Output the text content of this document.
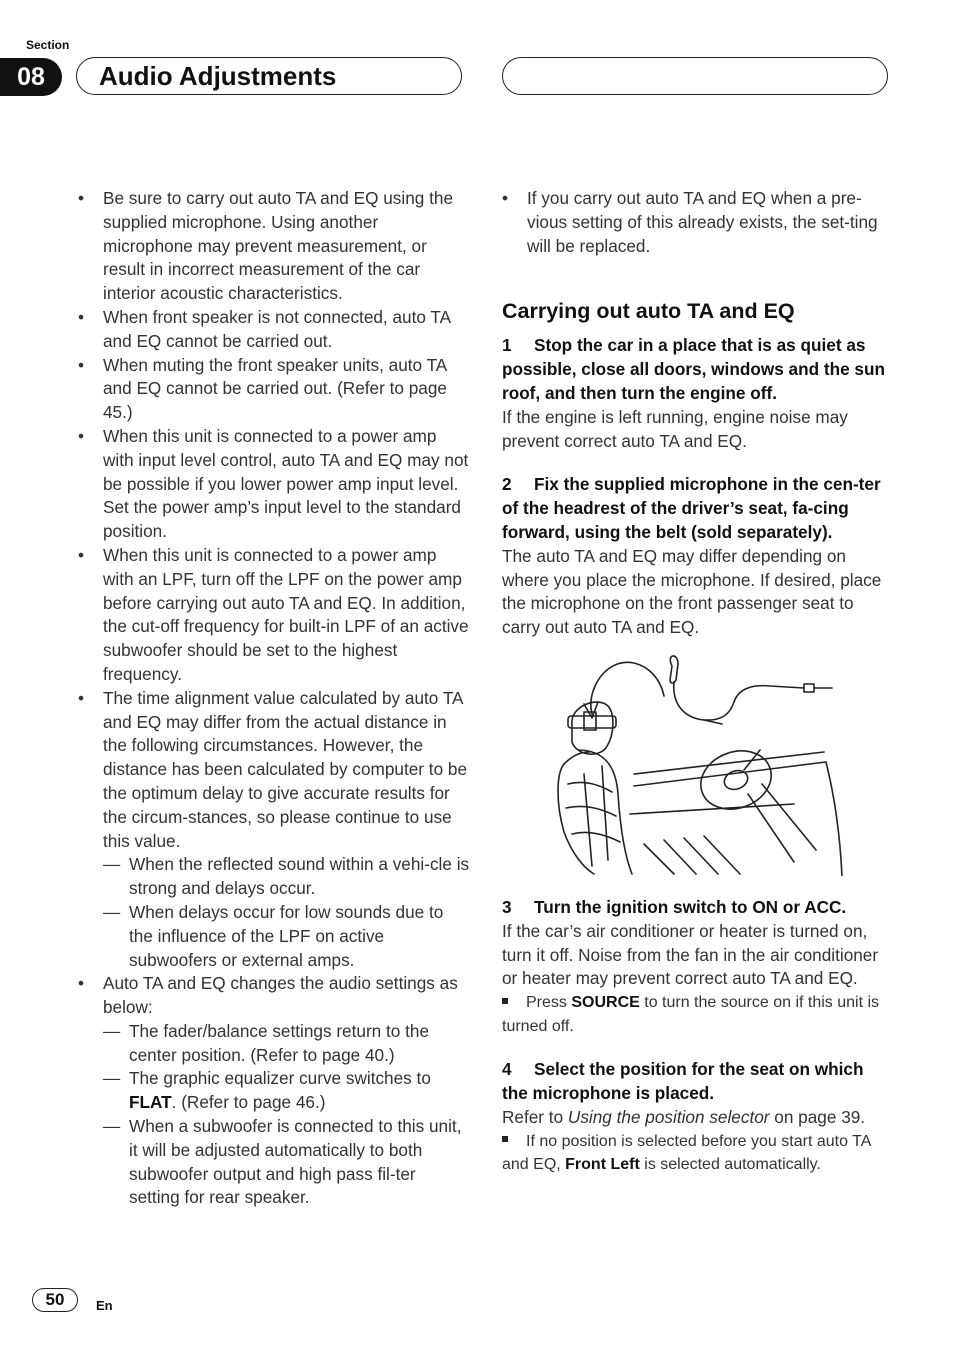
Section
08	Audio Adjustments
• Be sure to carry out auto TA and EQ using the supplied microphone. Using another microphone may prevent measurement, or result in incorrect measurement of the car interior acoustic characteristics.
• When front speaker is not connected, auto TA and EQ cannot be carried out.
• When muting the front speaker units, auto TA and EQ cannot be carried out. (Refer to page 45.)
• When this unit is connected to a power amp with input level control, auto TA and EQ may not be possible if you lower power amp input level. Set the power amp’s input level to the standard position.
• When this unit is connected to a power amp with an LPF, turn off the LPF on the power amp before carrying out auto TA and EQ. In addition, the cut-off frequency for built-in LPF of an active subwoofer should be set to the highest frequency.
• The time alignment value calculated by auto TA and EQ may differ from the actual distance in the following circumstances. However, the distance has been calculated by computer to be the optimum delay to give accurate results for the circum-stances, so please continue to use this value.
— When the reflected sound within a vehi-cle is strong and delays occur.
— When delays occur for low sounds due to the influence of the LPF on active subwoofers or external amps.
• Auto TA and EQ changes the audio settings as below:
— The fader/balance settings return to the center position. (Refer to page 40.)
— The graphic equalizer curve switches to FLAT. (Refer to page 46.)
— When a subwoofer is connected to this unit, it will be adjusted automatically to both subwoofer output and high pass fil-ter setting for rear speaker.
• If you carry out auto TA and EQ when a pre-vious setting of this already exists, the set-ting will be replaced.
Carrying out auto TA and EQ
1 Stop the car in a place that is as quiet as possible, close all doors, windows and the sun roof, and then turn the engine off.
If the engine is left running, engine noise may prevent correct auto TA and EQ.
2 Fix the supplied microphone in the cen-ter of the headrest of the driver’s seat, fa-cing forward, using the belt (sold separately).
The auto TA and EQ may differ depending on where you place the microphone. If desired, place the microphone on the front passenger seat to carry out auto TA and EQ.
3 Turn the ignition switch to ON or ACC.
If the car’s air conditioner or heater is turned on, turn it off. Noise from the fan in the air conditioner or heater may prevent correct auto TA and EQ.
Press SOURCE to turn the source on if this unit is turned off.
4 Select the position for the seat on which the microphone is placed.
Refer to Using the position selector on page 39.
If no position is selected before you start auto TA and EQ, Front Left is selected automatically.
50	En
